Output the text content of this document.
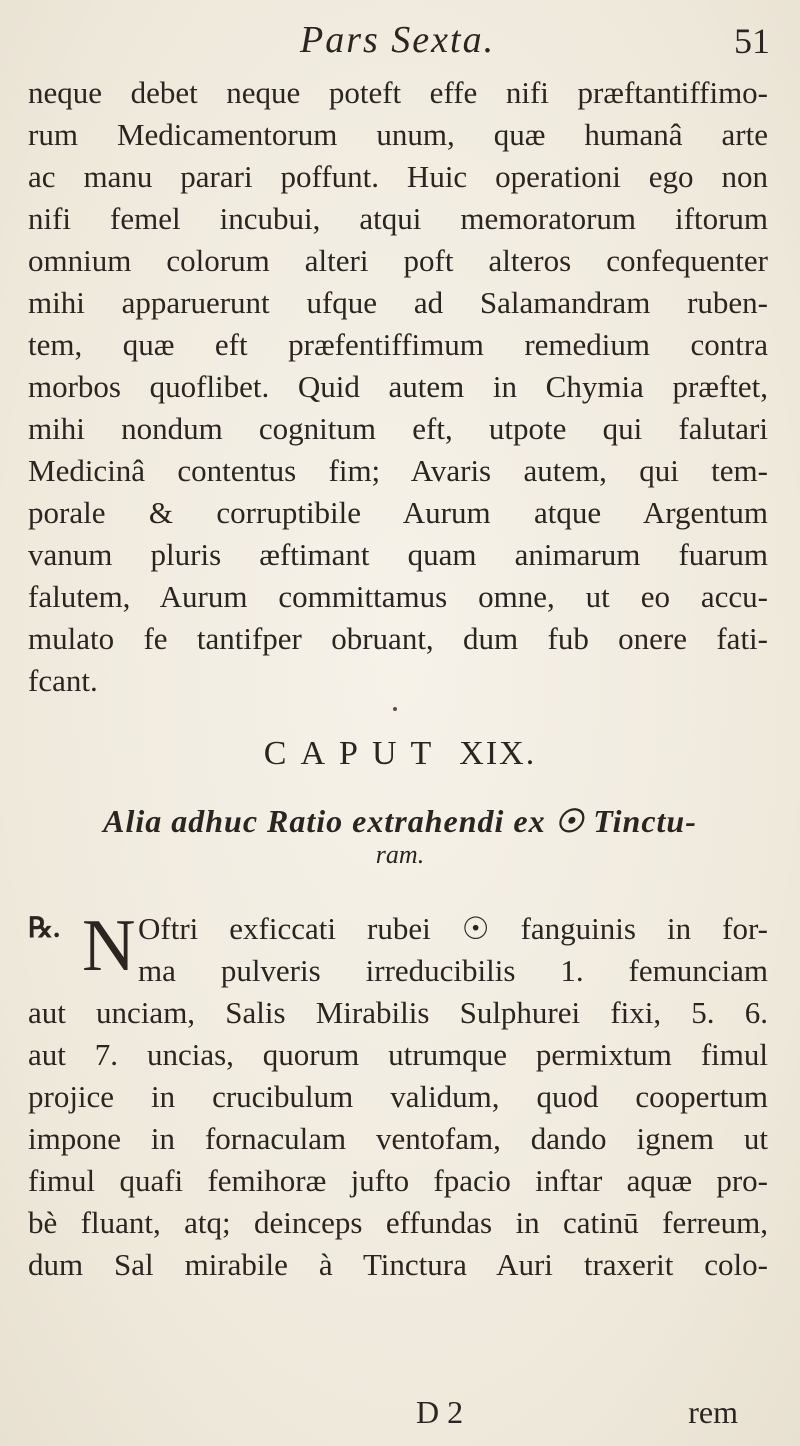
Pars Sexta.	51
neque debet neque poteft effe nifi præftantiffimo-
rum Medicamentorum unum, quæ humanâ arte
ac manu parari poffunt. Huic operationi ego non
nifi femel incubui, atqui memoratorum iftorum
omnium colorum alteri poft alteros confequenter
mihi apparuerunt ufque ad Salamandram ruben-
tem, quæ eft præfentiffimum remedium contra
morbos quoflibet. Quid autem in Chymia præftet,
mihi nondum cognitum eft, utpote qui falutari
Medicinâ contentus fim; Avaris autem, qui tem-
porale & corruptibile Aurum atque Argentum
vanum pluris æftimant quam animarum fuarum
falutem, Aurum committamus omne, ut eo accu-
mulato fe tantifper obruant, dum fub onere fati-
fcant.
CAPUT XIX.
Alia adhuc Ratio extrahendi ex ☉ Tinctu-
ram.
℞. N Oftri exficcati rubei ☉ fanguinis in for-
ma pulveris irreducibilis 1. femunciam
aut unciam, Salis Mirabilis Sulphurei fixi, 5. 6.
aut 7. uncias, quorum utrumque permixtum fimul
projice in crucibulum validum, quod coopertum
impone in fornaculam ventofam, dando ignem ut
fimul quafi femihoræ jufto fpacio inftar aquæ pro-
bè fluant, atq; deinceps effundas in catinū ferreum,
dum Sal mirabile à Tinctura Auri traxerit colo-
D 2	rem
